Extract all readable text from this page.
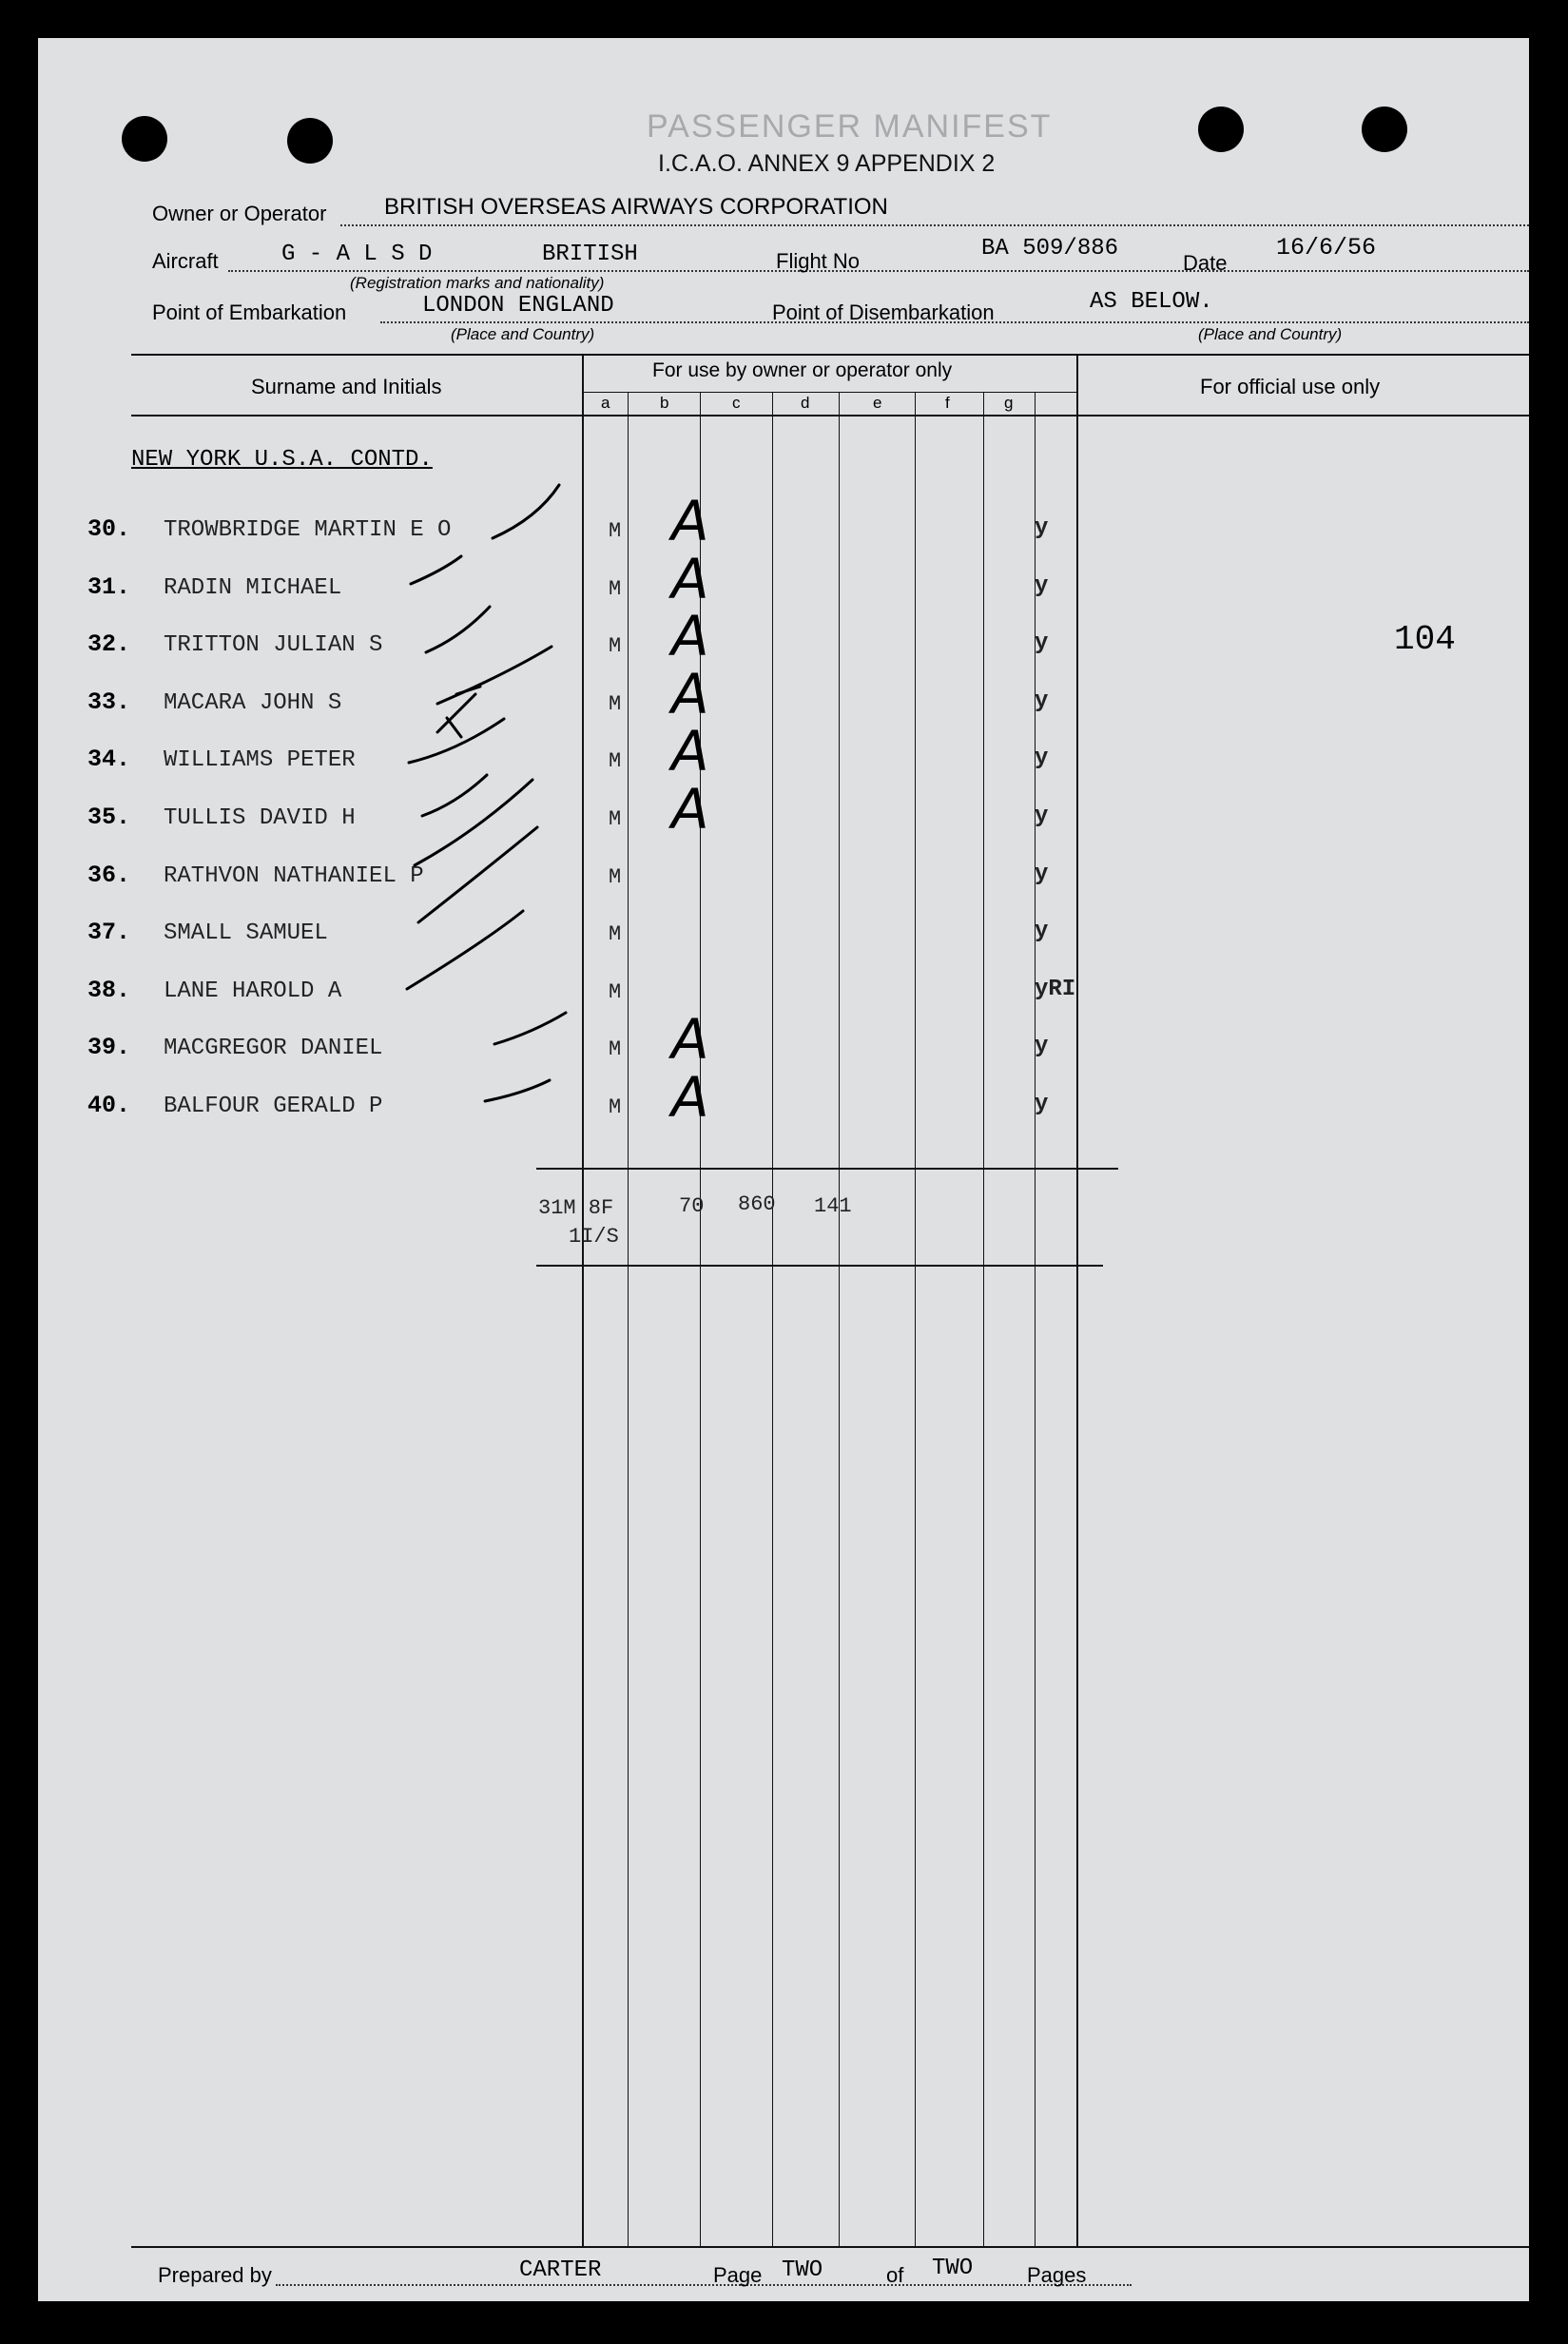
PASSENGER MANIFEST
I.C.A.O. ANNEX 9 APPENDIX 2
Owner or Operator	BRITISH OVERSEAS AIRWAYS CORPORATION
Aircraft	G - A L S D	BRITISH
(Registration marks and nationality)
Flight No	BA 509/886
Date
16/6/56
Point of Embarkation	LONDON ENGLAND
(Place and Country)
Point of Disembarkation	AS BELOW.
(Place and Country)
Surname and Initials
For use by owner or operator only
For official use only
a	b	c	d	e	f	g
NEW YORK U.S.A. CONTD.
30. TROWBRIDGE MARTIN E O	M A	y
31. RADIN MICHAEL	M A	y
32. TRITTON JULIAN S	M A	y
33. MACARA JOHN S	M A	y
34. WILLIAMS PETER	M A	y
35. TULLIS DAVID H	M A	y
36. RATHVON NATHANIEL P	M	y
37. SMALL SAMUEL	M	y
38. LANE HAROLD A	M	yRI
39. MACGREGOR DANIEL	M A	y
40. BALFOUR GERALD P	M A	y
31M 8F
1I/S
70 860 141
104
Prepared by	CARTER	Page TWO	of TWO	Pages
